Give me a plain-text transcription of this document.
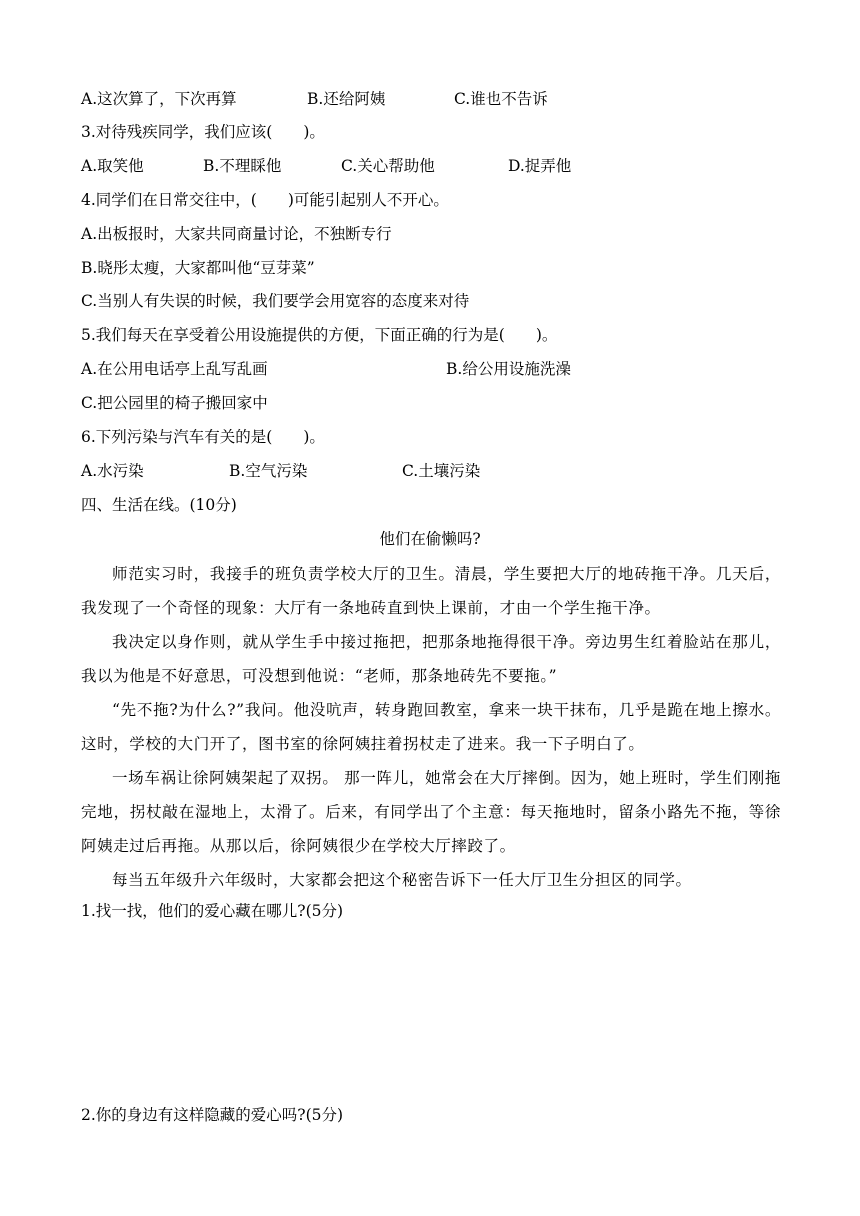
A.这次算了，下次再算	B.还给阿姨	C.谁也不告诉
3.对待残疾同学，我们应该(　　)。
A.取笑他	B.不理睬他	C.关心帮助他	D.捉弄他
4.同学们在日常交往中，(　　)可能引起别人不开心。
A.出板报时，大家共同商量讨论，不独断专行
B.晓彤太瘦，大家都叫他“豆芽菜”
C.当别人有失误的时候，我们要学会用宽容的态度来对待
5.我们每天在享受着公用设施提供的方便，下面正确的行为是(　　)。
A.在公用电话亭上乱写乱画	B.给公用设施洗澡
C.把公园里的椅子搬回家中
6.下列污染与汽车有关的是(　　)。
A.水污染	B.空气污染	C.土壤污染
四、生活在线。(10分)
他们在偷懒吗?

师范实习时，我接手的班负责学校大厅的卫生。清晨，学生要把大厅的地砖拖干净。几天后，我发现了一个奇怪的现象：大厅有一条地砖直到快上课前，才由一个学生拖干净。

我决定以身作则，就从学生手中接过拖把，把那条地拖得很干净。旁边男生红着脸站在那儿，我以为他是不好意思，可没想到他说：“老师，那条地砖先不要拖。”

“先不拖?为什么?”我问。他没吭声，转身跑回教室，拿来一块干抹布，几乎是跪在地上擦水。这时，学校的大门开了，图书室的徐阿姨拄着拐杖走了进来。我一下子明白了。

一场车祸让徐阿姨架起了双拐。 那一阵儿，她常会在大厅摔倒。因为，她上班时，学生们刚拖完地，拐杖敲在湿地上，太滑了。后来，有同学出了个主意：每天拖地时，留条小路先不拖，等徐阿姨走过后再拖。从那以后，徐阿姨很少在学校大厅摔跤了。

每当五年级升六年级时，大家都会把这个秘密告诉下一任大厅卫生分担区的同学。

1.找一找，他们的爱心藏在哪儿?(5分)
2.你的身边有这样隐藏的爱心吗?(5分)
